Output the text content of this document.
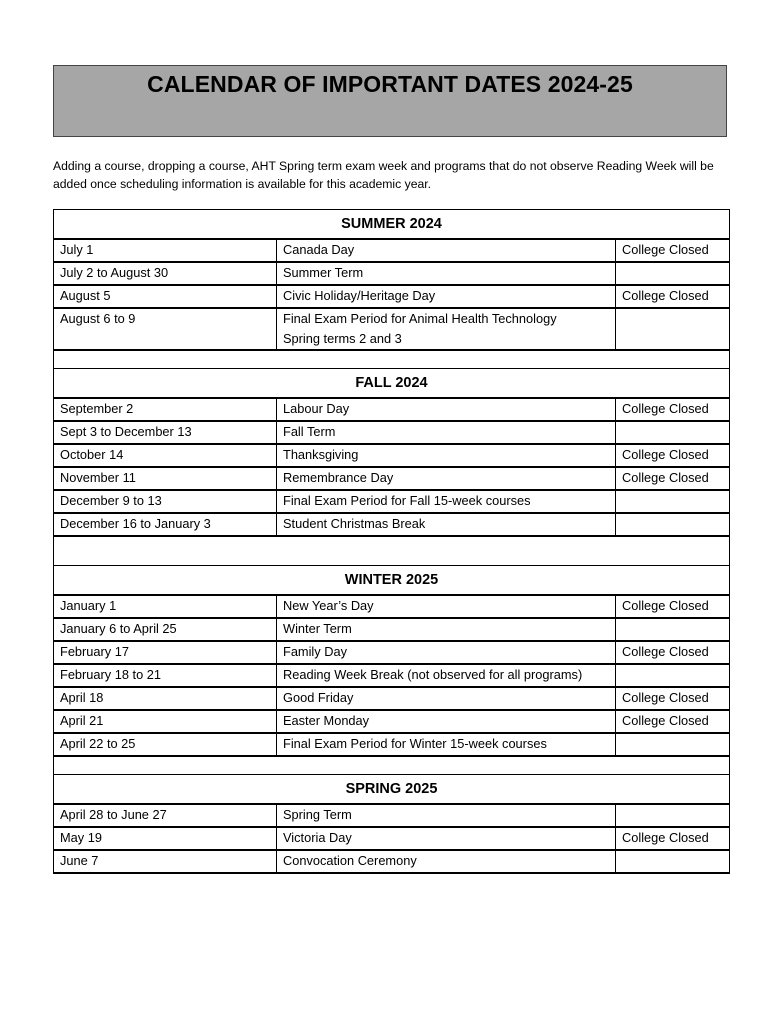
CALENDAR OF IMPORTANT DATES 2024-25

Adding a course, dropping a course, AHT Spring term exam week and programs that do not observe Reading Week will be added once scheduling information is available for this academic year.

SUMMER 2024		
July 1	Canada Day	College Closed
July 2 to August 30	Summer Term	
August 5	Civic Holiday/Heritage Day	College Closed
August 6 to 9	Final Exam Period for Animal Health Technology
Spring terms 2 and 3	

FALL 2024		
September 2	Labour Day	College Closed
Sept 3 to December 13	Fall Term	
October 14	Thanksgiving	College Closed
November 11	Remembrance Day	College Closed
December 9 to 13	Final Exam Period for Fall 15-week courses	
December 16 to January 3	Student Christmas Break	

WINTER 2025		
January 1	New Year’s Day	College Closed
January 6 to April 25	Winter Term	
February 17	Family Day	College Closed
February 18 to 21	Reading Week Break (not observed for all programs)	
April 18	Good Friday	College Closed
April 21	Easter Monday	College Closed
April 22 to 25	Final Exam Period for Winter 15-week courses	

SPRING 2025		
April 28 to June 27	Spring Term	
May 19	Victoria Day	College Closed
June 7	Convocation Ceremony	
